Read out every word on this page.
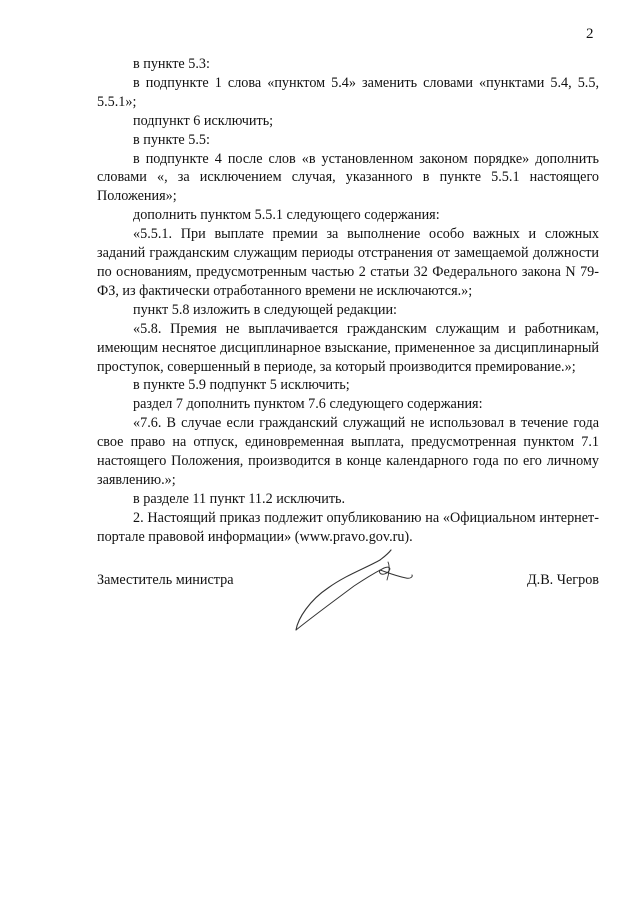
2

в пункте 5.3:

в подпункте 1 слова «пунктом 5.4» заменить словами «пунктами 5.4, 5.5, 5.5.1»;

подпункт 6 исключить;

в пункте 5.5:

в подпункте 4 после слов «в установленном законом порядке» дополнить словами «, за исключением случая, указанного в пункте 5.5.1 настоящего Положения»;

дополнить пунктом 5.5.1 следующего содержания:

«5.5.1. При выплате премии за выполнение особо важных и сложных заданий гражданским служащим периоды отстранения от замещаемой должности по основаниям, предусмотренным частью 2 статьи 32 Федерального закона N 79-ФЗ, из фактически отработанного времени не исключаются.»;

пункт 5.8 изложить в следующей редакции:

«5.8. Премия не выплачивается гражданским служащим и работникам, имеющим неснятое дисциплинарное взыскание, примененное за дисциплинарный проступок, совершенный в периоде, за который производится премирование.»;

в пункте 5.9 подпункт 5 исключить;

раздел 7 дополнить пунктом 7.6 следующего содержания:

«7.6. В случае если гражданский служащий не использовал в течение года свое право на отпуск, единовременная выплата, предусмотренная пунктом 7.1 настоящего Положения, производится в конце календарного года по его личному заявлению.»;

в разделе 11 пункт 11.2 исключить.

2. Настоящий приказ подлежит опубликованию на «Официальном интернет-портале правовой информации» (www.pravo.gov.ru).

Заместитель министра	Д.В. Чегров
